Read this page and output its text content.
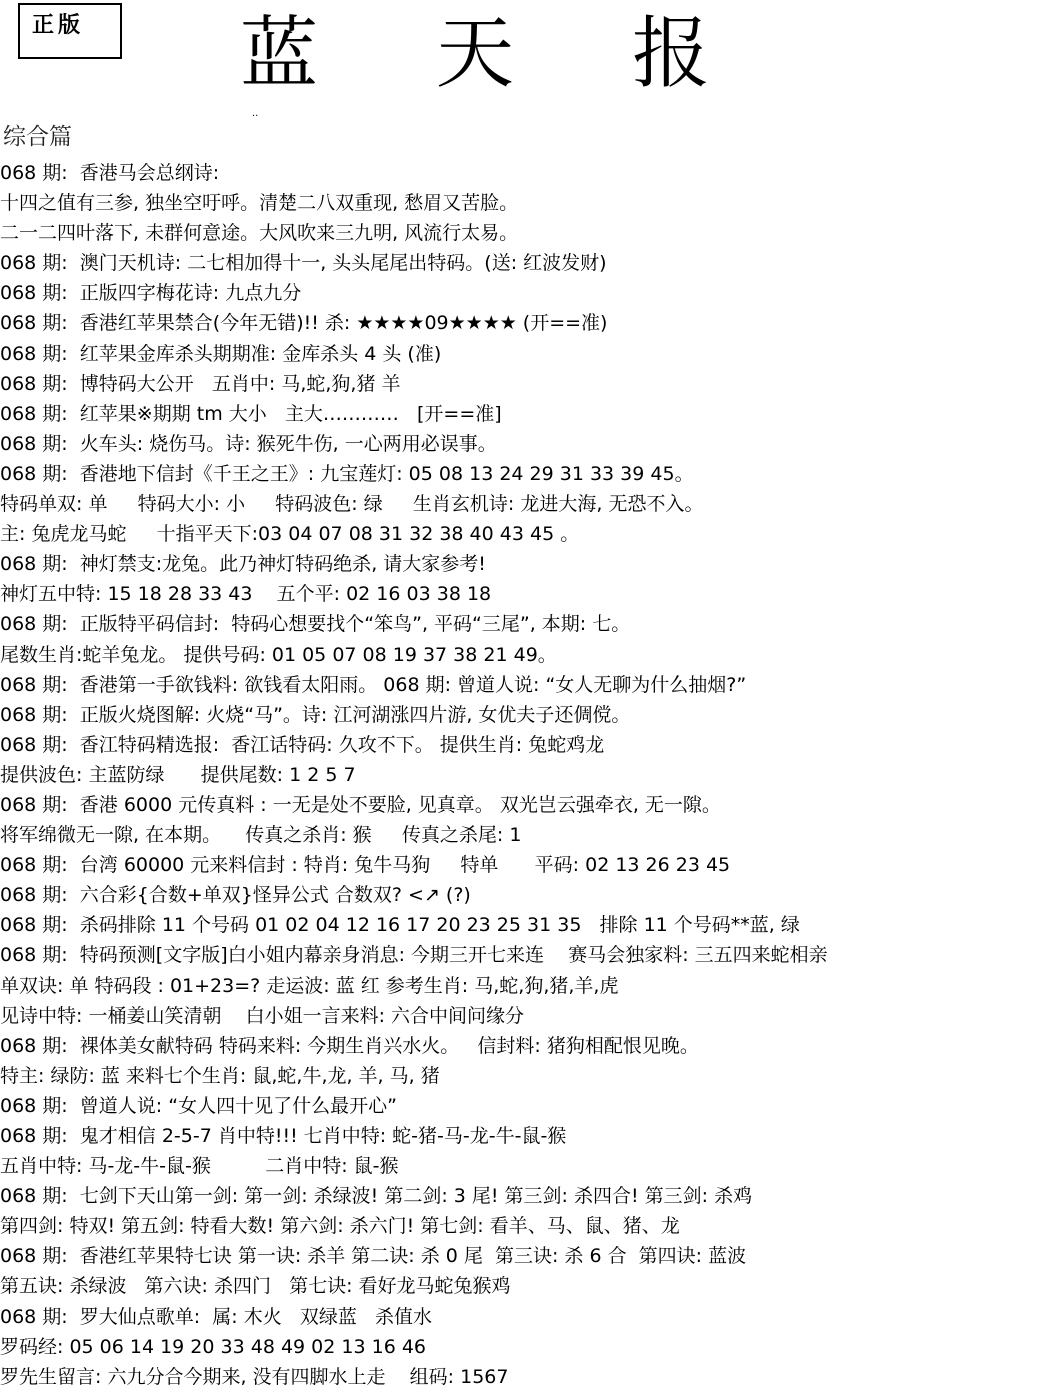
正版	蓝天报
..
综合篇
068 期:  香港马会总纲诗:
十四之值有三参, 独坐空吁呼。清楚二八双重现, 愁眉又苦脸。
二一二四叶落下, 未群何意途。大风吹来三九明, 风流行太易。
068 期:  澳门天机诗: 二七相加得十一, 头头尾尾出特码。(送: 红波发财)
068 期:  正版四字梅花诗: 九点九分
068 期:  香港红苹果禁合(今年无错)!! 杀: ★★★★09★★★★ (开==准)
068 期:  红苹果金库杀头期期准: 金库杀头 4 头 (准)
068 期:  博特码大公开   五肖中: 马,蛇,狗,猪 羊
068 期:  红苹果※期期 tm 大小   主大…………   [开==准]
068 期:  火车头: 烧伤马。诗: 猴死牛伤, 一心两用必误事。
068 期:  香港地下信封《千王之王》: 九宝莲灯: 05 08 13 24 29 31 33 39 45。
特码单双: 单     特码大小: 小     特码波色: 绿     生肖玄机诗: 龙进大海, 无恐不入。
主: 兔虎龙马蛇     十指平天下:03 04 07 08 31 32 38 40 43 45 。
068 期:  神灯禁支:龙兔。此乃神灯特码绝杀, 请大家参考!
神灯五中特: 15 18 28 33 43    五个平: 02 16 03 38 18
068 期:  正版特平码信封:  特码心想要找个“笨鸟”, 平码“三尾”, 本期: 七。
尾数生肖:蛇羊兔龙。 提供号码: 01 05 07 08 19 37 38 21 49。
068 期:  香港第一手欲钱料: 欲钱看太阳雨。 068 期: 曾道人说: “女人无聊为什么抽烟?”
068 期:  正版火烧图解: 火烧“马”。诗: 江河湖涨四片游, 女优夫子还倜傥。
068 期:  香江特码精选报:  香江话特码: 久攻不下。 提供生肖: 兔蛇鸡龙
提供波色: 主蓝防绿      提供尾数: 1 2 5 7
068 期:  香港 6000 元传真料 : 一无是处不要脸, 见真章。 双光岂云强牵衣, 无一隙。
将军绵微无一隙, 在本期。    传真之杀肖: 猴     传真之杀尾: 1
068 期:  台湾 60000 元来料信封 : 特肖: 兔牛马狗     特单      平码: 02 13 26 23 45
068 期:  六合彩{合数+单双}怪异公式 合数双? <↗ (?)
068 期:  杀码排除 11 个号码 01 02 04 12 16 17 20 23 25 31 35   排除 11 个号码**蓝, 绿
068 期:  特码预测[文字版]白小姐内幕亲身消息: 今期三开七来连    赛马会独家料: 三五四来蛇相亲
单双诀: 单 特码段 : 01+23=? 走运波: 蓝 红 参考生肖: 马,蛇,狗,猪,羊,虎
见诗中特: 一桶姜山笑清朝    白小姐一言来料: 六合中间问缘分
068 期:  裸体美女献特码 特码来料: 今期生肖兴水火。   信封料: 猪狗相配恨见晚。
特主: 绿防: 蓝 来料七个生肖: 鼠,蛇,牛,龙, 羊, 马, 猪
068 期:  曾道人说: “女人四十见了什么最开心”
068 期:  鬼才相信 2-5-7 肖中特!!! 七肖中特: 蛇-猪-马-龙-牛-鼠-猴
五肖中特: 马-龙-牛-鼠-猴         二肖中特: 鼠-猴
068 期:  七剑下天山第一剑: 第一剑: 杀绿波! 第二剑: 3 尾! 第三剑: 杀四合! 第三剑: 杀鸡
第四剑: 特双! 第五剑: 特看大数! 第六剑: 杀六门! 第七剑: 看羊、马、鼠、猪、龙
068 期:  香港红苹果特七诀 第一诀: 杀羊 第二诀: 杀 0 尾  第三诀: 杀 6 合  第四诀: 蓝波
第五诀: 杀绿波   第六诀: 杀四门   第七诀: 看好龙马蛇兔猴鸡
068 期:  罗大仙点歌单:  属: 木火   双绿蓝   杀值水
罗码经: 05 06 14 19 20 33 48 49 02 13 16 46
罗先生留言: 六九分合今期来, 没有四脚水上走    组码: 1567
